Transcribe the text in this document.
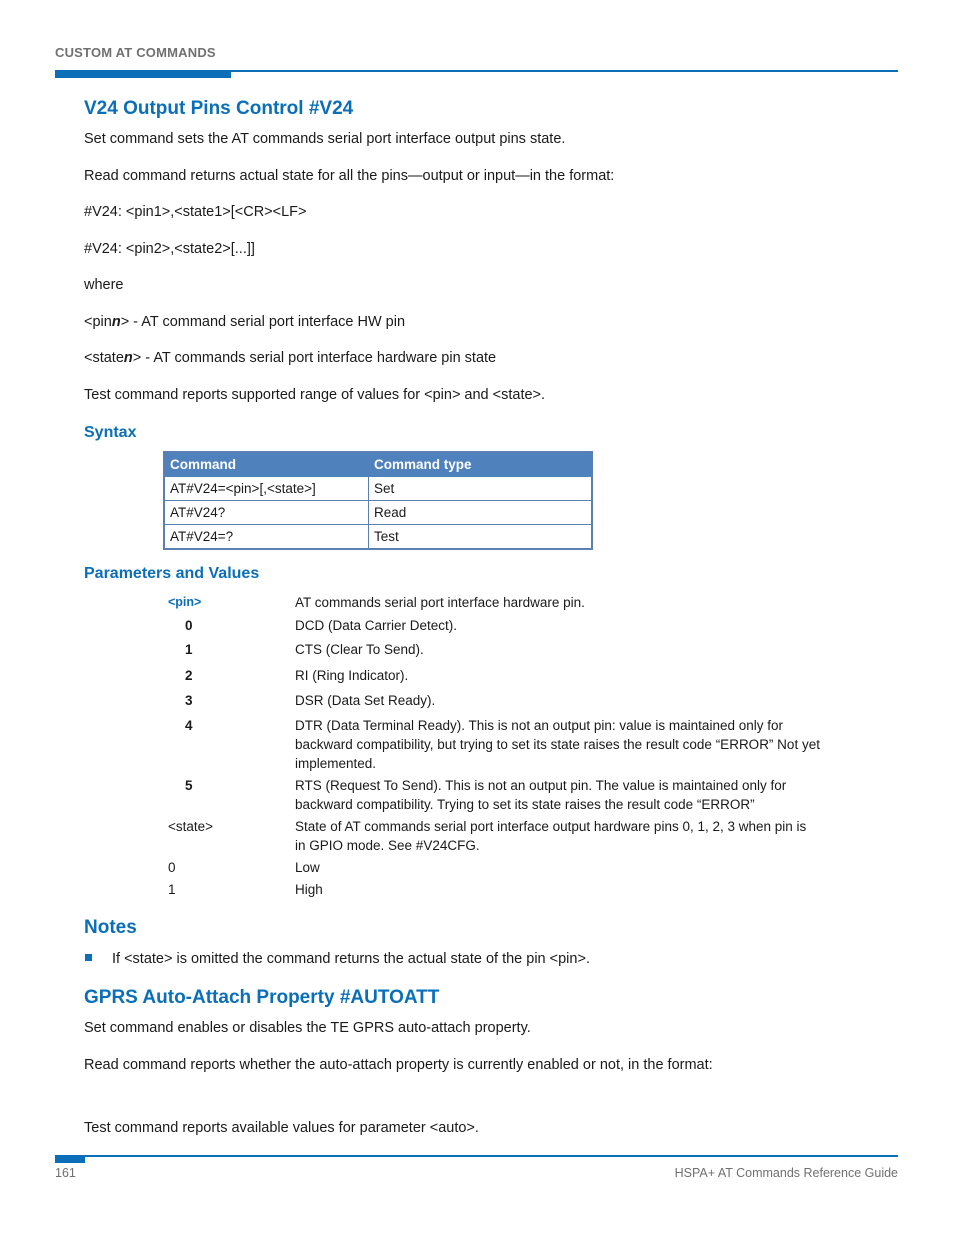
CUSTOM AT COMMANDS
V24 Output Pins Control #V24
Set command sets the AT commands serial port interface output pins state.
Read command returns actual state for all the pins—output or input—in the format:
#V24: <pin1>,<state1>[<CR><LF>
#V24: <pin2>,<state2>[...]]
where
<pinn> - AT command serial port interface HW pin
<staten> - AT commands serial port interface hardware pin state
Test command reports supported range of values for <pin> and <state>.
Syntax
Command	Command type
AT#V24=<pin>[,<state>]	Set
AT#V24?	Read
AT#V24=?	Test
Parameters and Values
<pin>	AT commands serial port interface hardware pin.
0	DCD (Data Carrier Detect).
1	CTS (Clear To Send).
2	RI (Ring Indicator).
3	DSR (Data Set Ready).
4	DTR (Data Terminal Ready). This is not an output pin: value is maintained only for backward compatibility, but trying to set its state raises the result code “ERROR” Not yet implemented.
5	RTS (Request To Send). This is not an output pin. The value is maintained only for backward compatibility. Trying to set its state raises the result code “ERROR”
<state>	State of AT commands serial port interface output hardware pins 0, 1, 2, 3 when pin is in GPIO mode. See #V24CFG.
0	Low
1	High
Notes
If <state> is omitted the command returns the actual state of the pin <pin>.
GPRS Auto-Attach Property #AUTOATT
Set command enables or disables the TE GPRS auto-attach property.
Read command reports whether the auto-attach property is currently enabled or not, in the format:
Test command reports available values for parameter <auto>.
161	HSPA+ AT Commands Reference Guide
